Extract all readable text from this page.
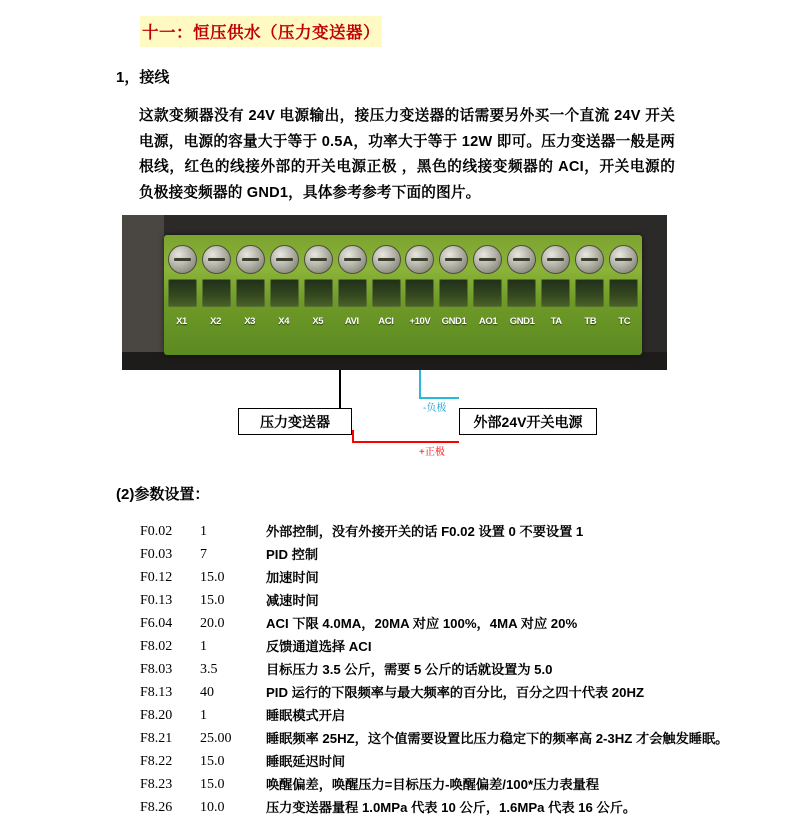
十一：恒压供水（压力变送器）
1，接线
这款变频器没有 24V 电源输出，接压力变送器的话需要另外买一个直流 24V 开关电源，电源的容量大于等于 0.5A，功率大于等于 12W 即可。压力变送器一般是两根线，红色的线接外部的开关电源正极 ，黑色的线接变频器的 ACI，开关电源的负极接变频器的 GND1，具体参考参考下面的图片。
X1	X2	X3	X4	X5	AVI	ACI	+10V	GND1	AO1	GND1	TA	TB	TC
压力变送器	外部24V开关电源
-负极
+正极
(2)参数设置：
F0.02	1	外部控制，没有外接开关的话 F0.02 设置 0 不要设置 1
F0.03	7	PID 控制
F0.12	15.0	加速时间
F0.13	15.0	减速时间
F6.04	20.0	ACI 下限 4.0MA，20MA 对应 100%，4MA 对应 20%
F8.02	1	反馈通道选择 ACI
F8.03	3.5	目标压力 3.5 公斤，需要 5 公斤的话就设置为 5.0
F8.13	40	PID 运行的下限频率与最大频率的百分比，百分之四十代表 20HZ
F8.20	1	睡眠模式开启
F8.21	25.00	睡眠频率 25HZ，这个值需要设置比压力稳定下的频率高 2-3HZ 才会触发睡眠。
F8.22	15.0	睡眠延迟时间
F8.23	15.0	唤醒偏差，唤醒压力=目标压力-唤醒偏差/100*压力表量程
F8.26	10.0	压力变送器量程 1.0MPa 代表 10 公斤，1.6MPa 代表 16 公斤。
